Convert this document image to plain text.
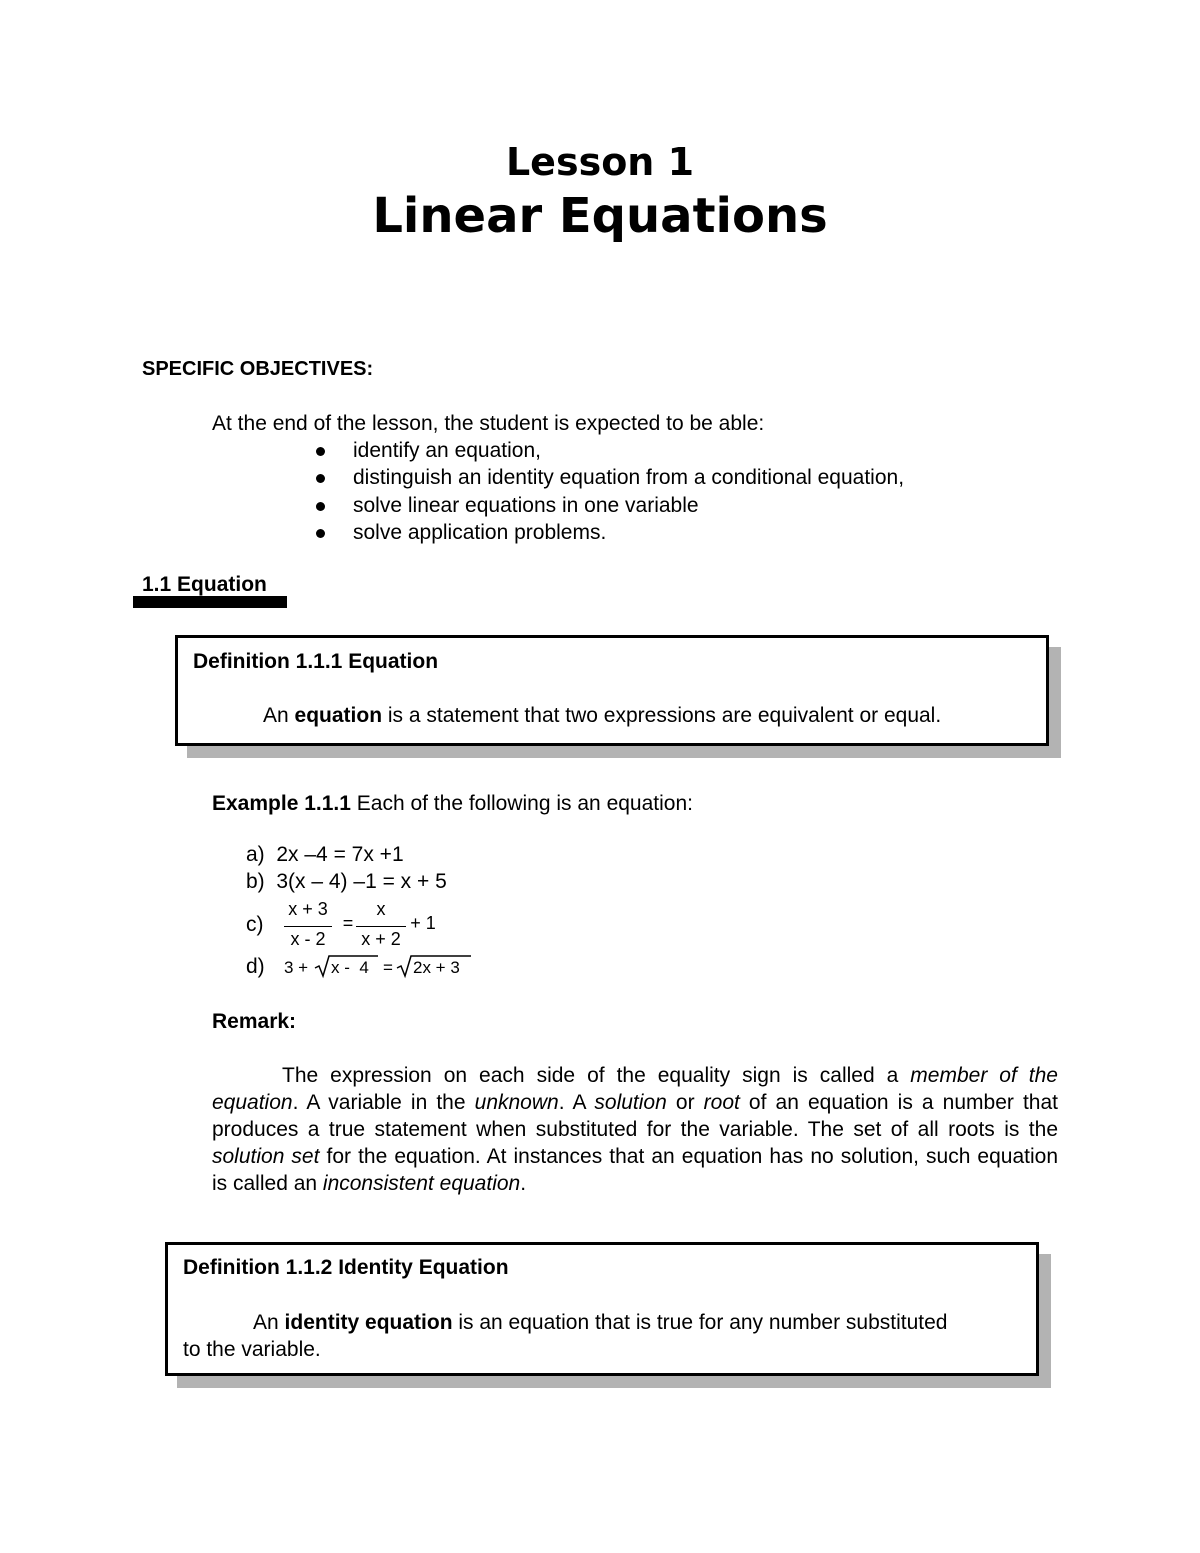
Lesson 1
Linear Equations
SPECIFIC OBJECTIVES:
At the end of the lesson, the student is expected to be able:
identify an equation,
distinguish an identity equation from a conditional equation,
solve linear equations in one variable
solve application problems.
1.1 Equation
Definition 1.1.1 Equation
An equation is a statement that two expressions are equivalent or equal.
Example 1.1.1 Each of the following is an equation:
a) 2x –4 = 7x +1
b) 3(x – 4) –1 = x + 5
c)
x + 3
x - 2
=
x
x + 2
+ 1
d) 3 + x -  4 = 2x + 3
Remark:
The expression on each side of the equality sign is called a member of the equation. A variable in the unknown. A solution or root of an equation is a number that produces a true statement when substituted for the variable. The set of all roots is the solution set for the equation. At instances that an equation has no solution, such equation is called an inconsistent equation.
Definition 1.1.2 Identity Equation
An identity equation is an equation that is true for any number substituted to the variable.
